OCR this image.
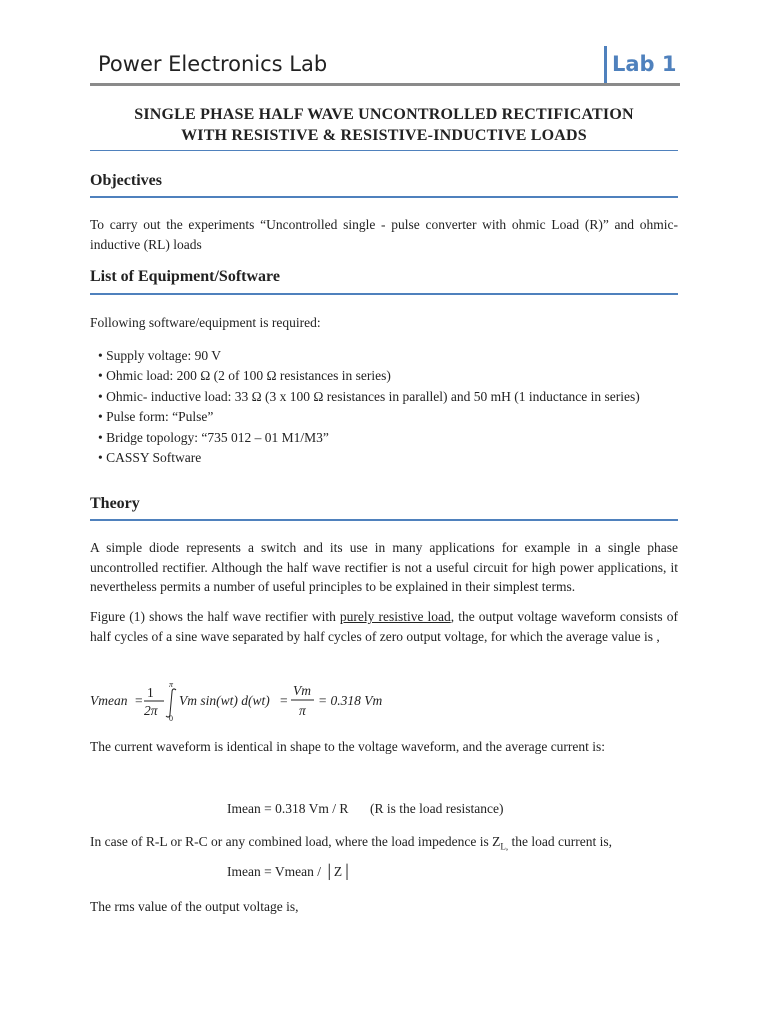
Power Electronics Lab	Lab 1
SINGLE PHASE HALF WAVE UNCONTROLLED RECTIFICATION
WITH RESISTIVE & RESISTIVE-INDUCTIVE LOADS
Objectives
To carry out the experiments “Uncontrolled single - pulse converter with ohmic Load (R)” and ohmic-inductive (RL) loads
List of Equipment/Software
Following software/equipment is required:
• Supply voltage: 90 V
• Ohmic load: 200 Ω (2 of 100 Ω resistances in series)
• Ohmic- inductive load: 33 Ω (3 x 100 Ω resistances in parallel) and 50 mH (1 inductance in series)
• Pulse form: “Pulse”
• Bridge topology: “735 012 – 01 M1/M3”
• CASSY Software
Theory
A simple diode represents a switch and its use in many applications for example in a single phase uncontrolled rectifier. Although the half wave rectifier is not a useful circuit for high power applications, it nevertheless permits a number of useful principles to be explained in their simplest terms.
Figure (1) shows the half wave rectifier with purely resistive load, the output voltage waveform consists of half cycles of a sine wave separated by half cycles of zero output voltage, for which the average value is ,
Vmean =
1
2π
π
0
Vm sin(wt) d(wt) =
Vm
π
= 0.318 Vm
The current waveform is identical in shape to the voltage waveform, and the average current is:
Imean = 0.318 Vm / R (R is the load resistance)
In case of R-L or R-C or any combined load, where the load impedence is $Z_{L,}$ the load current is,
Imean = Vmean / │Z│
The rms value of the output voltage is,
